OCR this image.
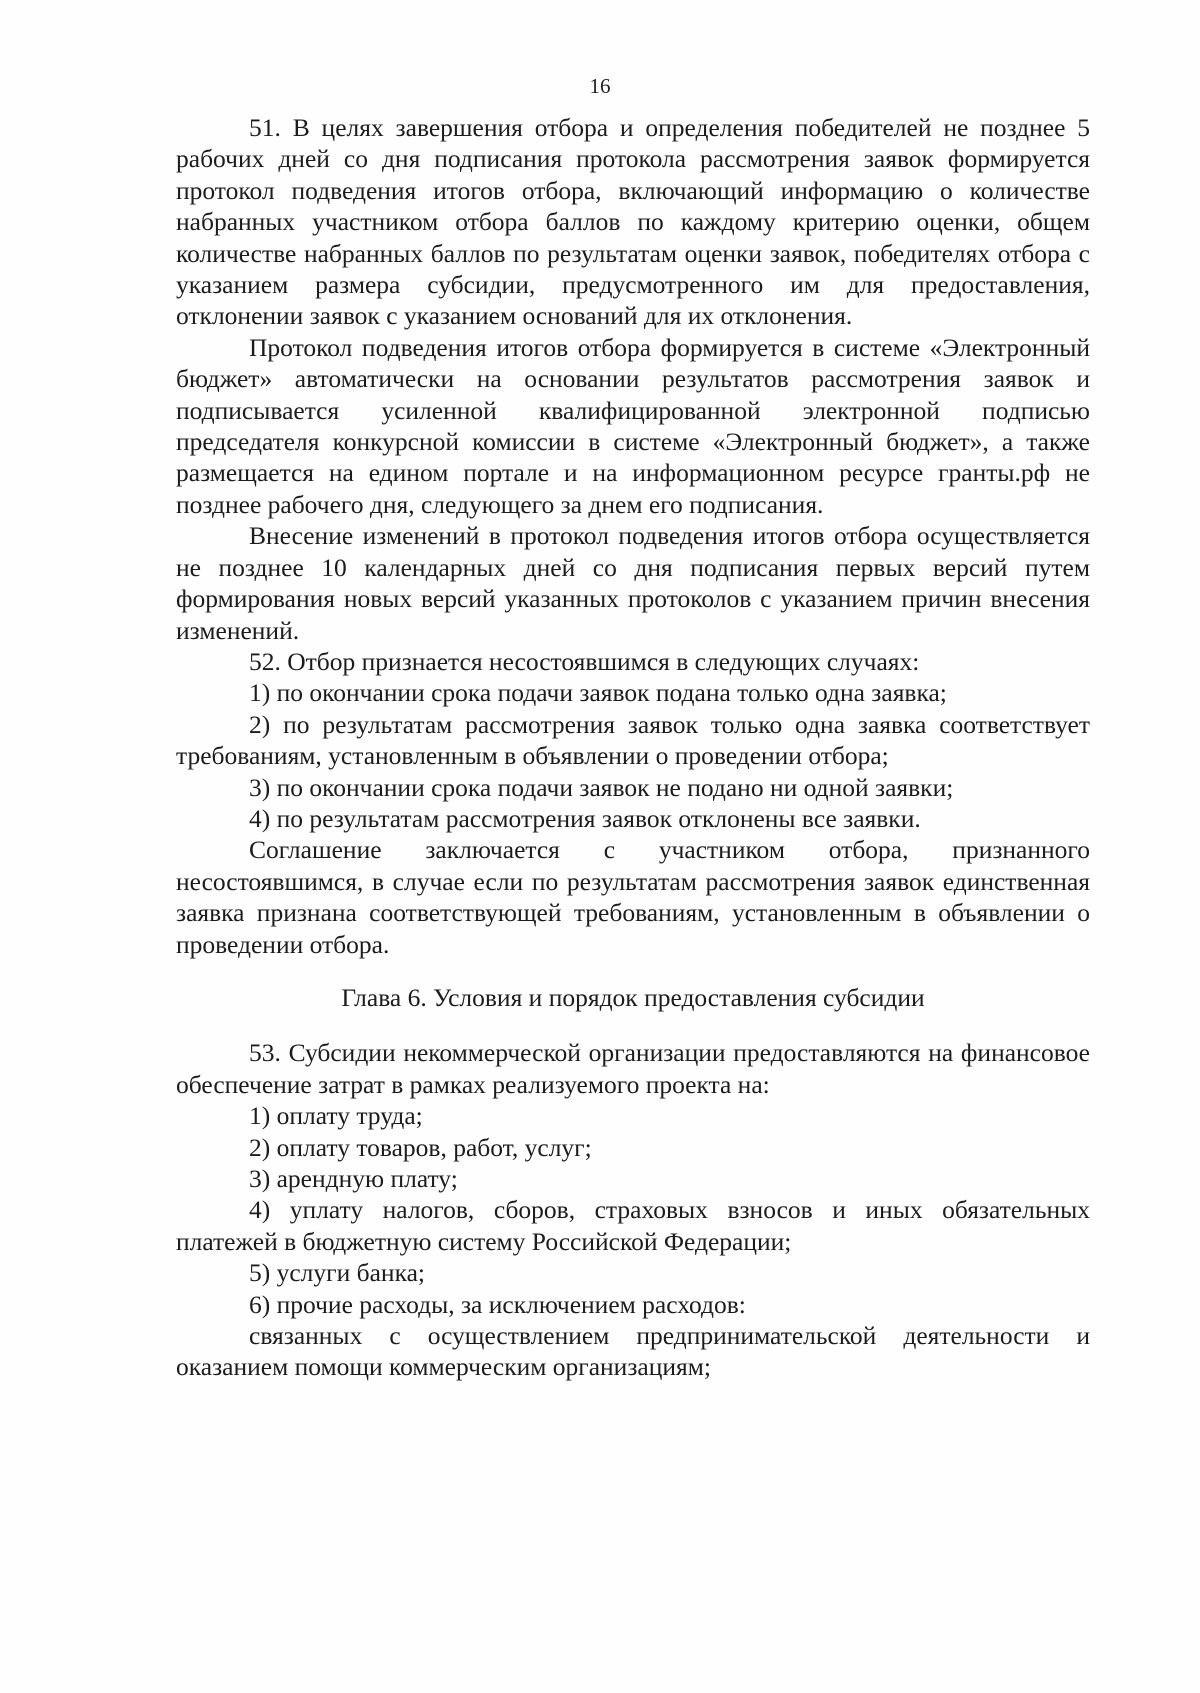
16

51. В целях завершения отбора и определения победителей не позднее 5 рабочих дней со дня подписания протокола рассмотрения заявок формируется протокол подведения итогов отбора, включающий информацию о количестве набранных участником отбора баллов по каждому критерию оценки, общем количестве набранных баллов по результатам оценки заявок, победителях отбора с указанием размера субсидии, предусмотренного им для предоставления, отклонении заявок с указанием оснований для их отклонения.

Протокол подведения итогов отбора формируется в системе «Электронный бюджет» автоматически на основании результатов рассмотрения заявок и подписывается усиленной квалифицированной электронной подписью председателя конкурсной комиссии в системе «Электронный бюджет», а также размещается на едином портале и на информационном ресурсе гранты.рф не позднее рабочего дня, следующего за днем его подписания.

Внесение изменений в протокол подведения итогов отбора осуществляется не позднее 10 календарных дней со дня подписания первых версий путем формирования новых версий указанных протоколов с указанием причин внесения изменений.

52. Отбор признается несостоявшимся в следующих случаях:

1) по окончании срока подачи заявок подана только одна заявка;

2) по результатам рассмотрения заявок только одна заявка соответствует требованиям, установленным в объявлении о проведении отбора;

3) по окончании срока подачи заявок не подано ни одной заявки;

4) по результатам рассмотрения заявок отклонены все заявки.

Соглашение заключается с участником отбора, признанного несостоявшимся, в случае если по результатам рассмотрения заявок единственная заявка признана соответствующей требованиям, установленным в объявлении о проведении отбора.

Глава 6. Условия и порядок предоставления субсидии

53. Субсидии некоммерческой организации предоставляются на финансовое обеспечение затрат в рамках реализуемого проекта на:

1) оплату труда;

2) оплату товаров, работ, услуг;

3) арендную плату;

4) уплату налогов, сборов, страховых взносов и иных обязательных платежей в бюджетную систему Российской Федерации;

5) услуги банка;

6) прочие расходы, за исключением расходов:

связанных с осуществлением предпринимательской деятельности и оказанием помощи коммерческим организациям;
